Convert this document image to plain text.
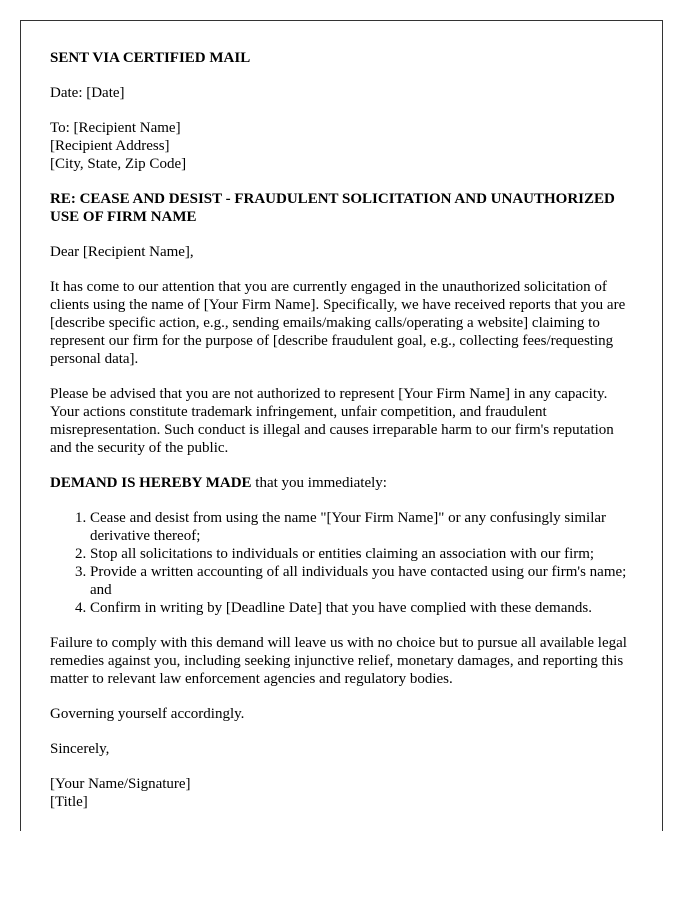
SENT VIA CERTIFIED MAIL

Date: [Date]

To: [Recipient Name]
[Recipient Address]
[City, State, Zip Code]

RE: CEASE AND DESIST - FRAUDULENT SOLICITATION AND UNAUTHORIZED USE OF FIRM NAME

Dear [Recipient Name],

It has come to our attention that you are currently engaged in the unauthorized solicitation of clients using the name of [Your Firm Name]. Specifically, we have received reports that you are [describe specific action, e.g., sending emails/making calls/operating a website] claiming to represent our firm for the purpose of [describe fraudulent goal, e.g., collecting fees/requesting personal data].

Please be advised that you are not authorized to represent [Your Firm Name] in any capacity. Your actions constitute trademark infringement, unfair competition, and fraudulent misrepresentation. Such conduct is illegal and causes irreparable harm to our firm's reputation and the security of the public.

DEMAND IS HEREBY MADE that you immediately:

1. Cease and desist from using the name "[Your Firm Name]" or any confusingly similar derivative thereof;
2. Stop all solicitations to individuals or entities claiming an association with our firm;
3. Provide a written accounting of all individuals you have contacted using our firm's name; and
4. Confirm in writing by [Deadline Date] that you have complied with these demands.

Failure to comply with this demand will leave us with no choice but to pursue all available legal remedies against you, including seeking injunctive relief, monetary damages, and reporting this matter to relevant law enforcement agencies and regulatory bodies.

Governing yourself accordingly.

Sincerely,

[Your Name/Signature]
[Title]
